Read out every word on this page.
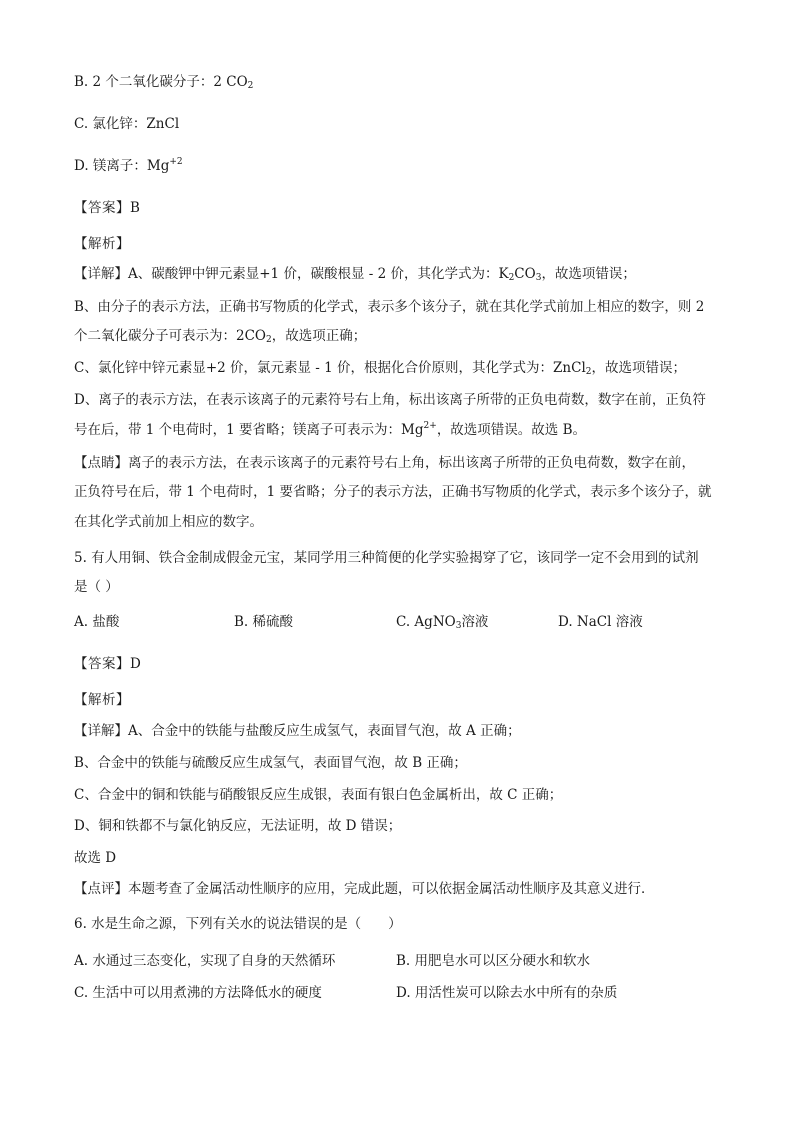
B. 2 个二氧化碳分子：2 $CO_2$
C. 氯化锌：ZnCl
D. 镁离子：$Mg^{+2}$
【答案】B
【解析】
【详解】A、碳酸钾中钾元素显+1 价，碳酸根显 - 2 价，其化学式为：$K_2CO_3$，故选项错误；
B、由分子的表示方法，正确书写物质的化学式，表示多个该分子，就在其化学式前加上相应的数字，则 2
个二氧化碳分子可表示为：$2CO_2$，故选项正确；
C、氯化锌中锌元素显+2 价，氯元素显 - 1 价，根据化合价原则，其化学式为：ZnCl$_2$，故选项错误；
D、离子的表示方法，在表示该离子的元素符号右上角，标出该离子所带的正负电荷数，数字在前，正负符
号在后，带 1 个电荷时，1 要省略；镁离子可表示为：$Mg^{2+}$，故选项错误。故选 B。
【点睛】离子的表示方法，在表示该离子的元素符号右上角，标出该离子所带的正负电荷数，数字在前，
正负符号在后，带 1 个电荷时，1 要省略；分子的表示方法，正确书写物质的化学式，表示多个该分子，就
在其化学式前加上相应的数字。
5. 有人用铜、铁合金制成假金元宝，某同学用三种简便的化学实验揭穿了它，该同学一定不会用到的试剂
是（ ）
A. 盐酸	B. 稀硫酸	C. AgNO$_3$溶液	D. NaCl 溶液
【答案】D
【解析】
【详解】A、合金中的铁能与盐酸反应生成氢气，表面冒气泡，故 A 正确；
B、合金中的铁能与硫酸反应生成氢气，表面冒气泡，故 B 正确；
C、合金中的铜和铁能与硝酸银反应生成银，表面有银白色金属析出，故 C 正确；
D、铜和铁都不与氯化钠反应，无法证明，故 D 错误；
故选 D
【点评】本题考查了金属活动性顺序的应用，完成此题，可以依据金属活动性顺序及其意义进行．
6. 水是生命之源，下列有关水的说法错误的是（　　）
A. 水通过三态变化，实现了自身的天然循环	B. 用肥皂水可以区分硬水和软水
C. 生活中可以用煮沸的方法降低水的硬度	D. 用活性炭可以除去水中所有的杂质
